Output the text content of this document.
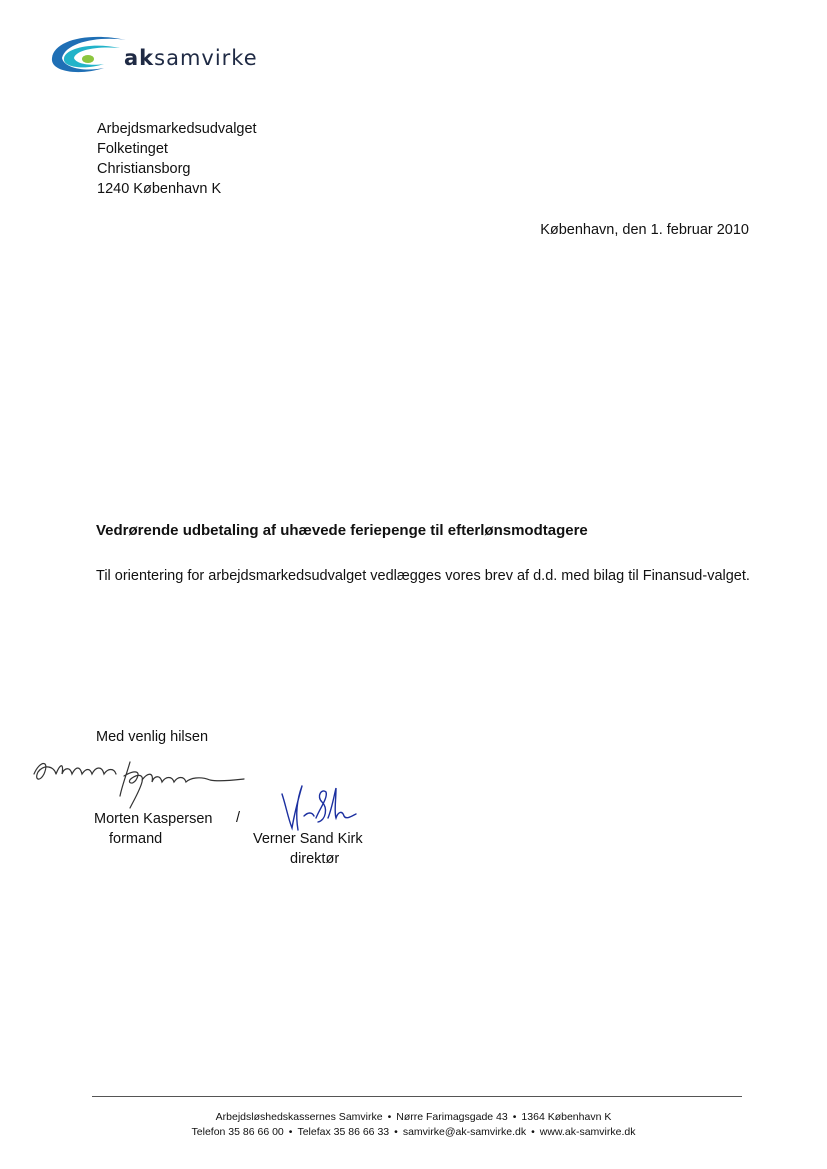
aksamvirke
Arbejdsmarkedsudvalget
Folketinget
Christiansborg
1240 København K
København, den 1. februar 2010
Vedrørende udbetaling af uhævede feriepenge til efterlønsmodtagere
Til orientering for arbejdsmarkedsudvalget vedlægges vores brev af d.d. med bilag til Finansud-valget.
Med venlig hilsen
Morten Kaspersen /
formand	Verner Sand Kirk
direktør
Arbejdsløshedskassernes Samvirke • Nørre Farimagsgade 43 • 1364 København K
Telefon 35 86 66 00 • Telefax 35 86 66 33 • samvirke@ak-samvirke.dk • www.ak-samvirke.dk
